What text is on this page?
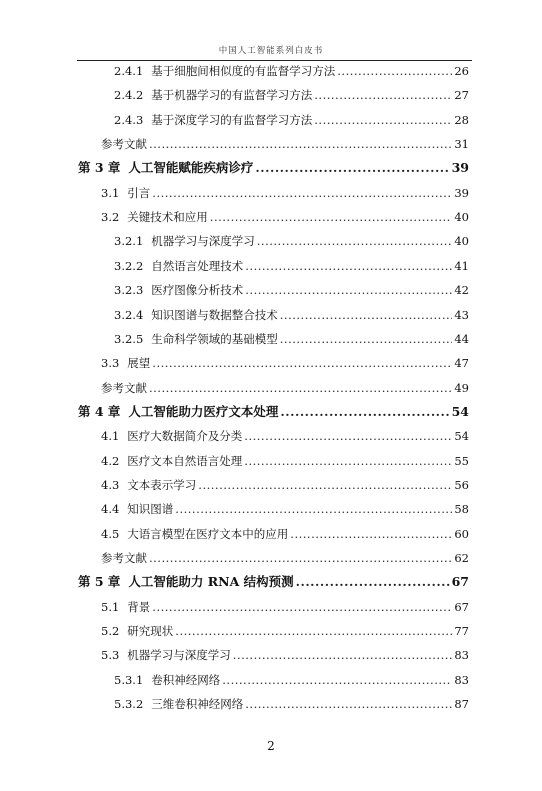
中国人工智能系列白皮书
2.4.1 基于细胞间相似度的有监督学习方法 .....	26
2.4.2 基于机器学习的有监督学习方法 .....	27
2.4.3 基于深度学习的有监督学习方法 .....	28
参考文献 .....	31
第 3 章 人工智能赋能疾病诊疗 .....	39
3.1 引言 .....	39
3.2 关键技术和应用 .....	40
3.2.1 机器学习与深度学习 .....	40
3.2.2 自然语言处理技术 .....	41
3.2.3 医疗图像分析技术 .....	42
3.2.4 知识图谱与数据整合技术 .....	43
3.2.5 生命科学领域的基础模型 .....	44
3.3 展望 .....	47
参考文献 .....	49
第 4 章 人工智能助力医疗文本处理 .....	54
4.1 医疗大数据简介及分类 .....	54
4.2 医疗文本自然语言处理 .....	55
4.3 文本表示学习 .....	56
4.4 知识图谱 .....	58
4.5 大语言模型在医疗文本中的应用 .....	60
参考文献 .....	62
第 5 章 人工智能助力 RNA 结构预测 .....	67
5.1 背景 .....	67
5.2 研究现状 .....	77
5.3 机器学习与深度学习 .....	83
5.3.1 卷积神经网络 .....	83
5.3.2 三维卷积神经网络 .....	87
2
